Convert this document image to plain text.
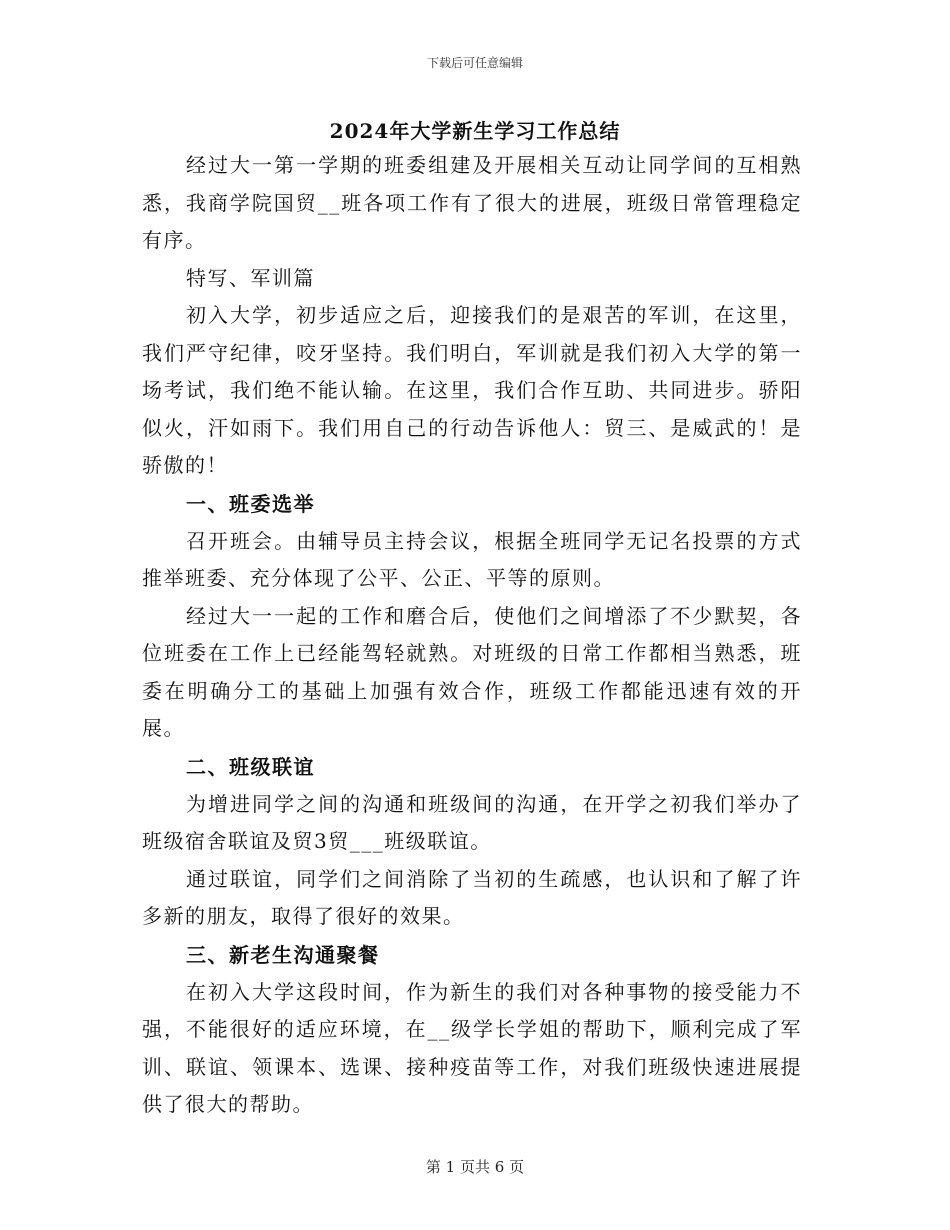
下载后可任意编辑
2024年大学新生学习工作总结

经过大一第一学期的班委组建及开展相关互动让同学间的互相熟悉，我商学院国贸__班各项工作有了很大的进展，班级日常管理稳定有序。

特写、军训篇

初入大学，初步适应之后，迎接我们的是艰苦的军训，在这里，我们严守纪律，咬牙坚持。我们明白，军训就是我们初入大学的第一场考试，我们绝不能认输。在这里，我们合作互助、共同进步。骄阳似火，汗如雨下。我们用自己的行动告诉他人：贸三、是威武的！是骄傲的！

一、班委选举

召开班会。由辅导员主持会议，根据全班同学无记名投票的方式推举班委、充分体现了公平、公正、平等的原则。

经过大一一起的工作和磨合后，使他们之间增添了不少默契，各位班委在工作上已经能驾轻就熟。对班级的日常工作都相当熟悉，班委在明确分工的基础上加强有效合作，班级工作都能迅速有效的开展。

二、班级联谊

为增进同学之间的沟通和班级间的沟通，在开学之初我们举办了班级宿舍联谊及贸3贸___班级联谊。

通过联谊，同学们之间消除了当初的生疏感，也认识和了解了许多新的朋友，取得了很好的效果。

三、新老生沟通聚餐

在初入大学这段时间，作为新生的我们对各种事物的接受能力不强，不能很好的适应环境，在__级学长学姐的帮助下，顺利完成了军训、联谊、领课本、选课、接种疫苗等工作，对我们班级快速进展提供了很大的帮助。

第 1 页共 6 页
